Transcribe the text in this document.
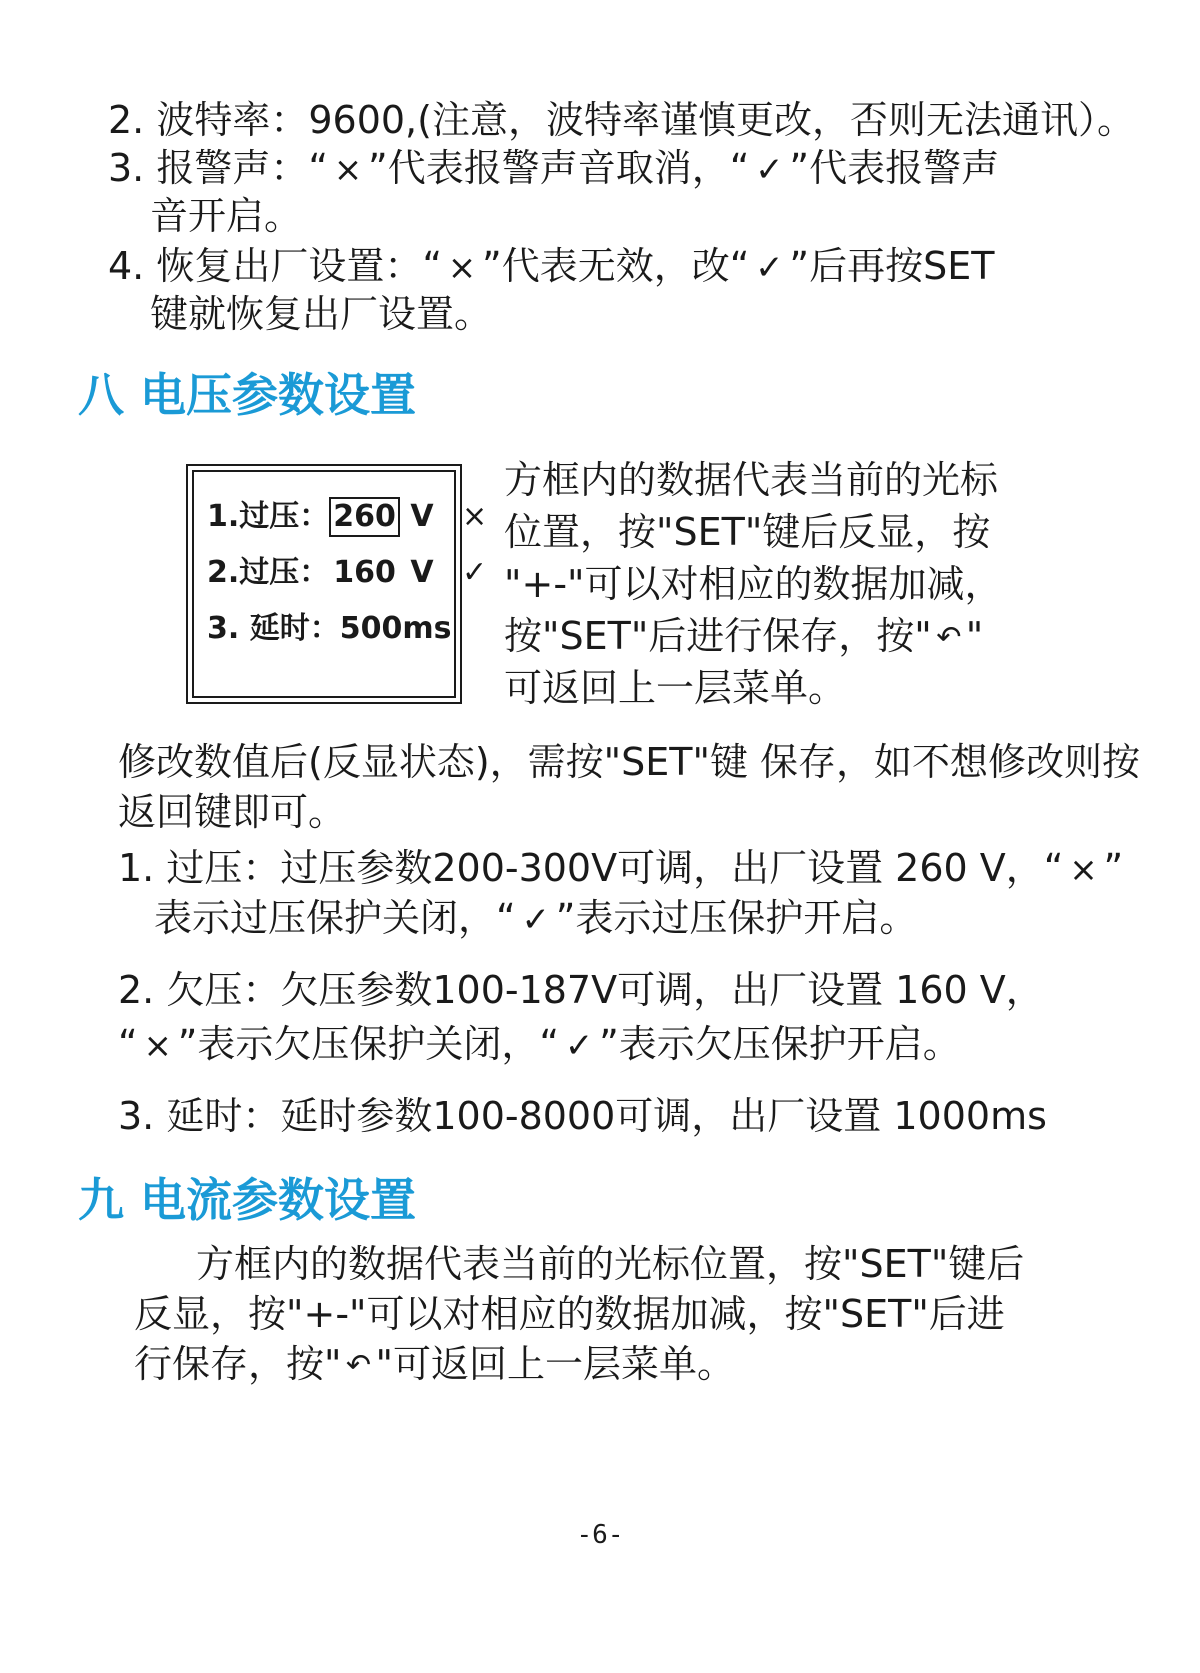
2. 波特率：9600,(注意，波特率谨慎更改，否则无法通讯）。
3. 报警声：“ × ”代表报警声音取消，“ ✓ ”代表报警声
音开启。
4. 恢复出厂设置：“ × ”代表无效，改“ ✓ ”后再按SET
键就恢复出厂设置。
八 电压参数设置
1.过压： 260 V ×
2.过压： 160 V ✓
3. 延时：500ms
方框内的数据代表当前的光标
位置，按"SET"键后反显，按
"+-"可以对相应的数据加减，
按"SET"后进行保存，按" ↶ "
可返回上一层菜单。
修改数值后(反显状态)，需按"SET"键 保存，如不想修改则按
返回键即可。
1. 过压：过压参数200-300V可调，出厂设置 260 V，“ × ”
表示过压保护关闭，“ ✓ ”表示过压保护开启。
2. 欠压：欠压参数100-187V可调，出厂设置 160 V，
“ × ”表示欠压保护关闭，“ ✓ ”表示欠压保护开启。
3. 延时：延时参数100-8000可调，出厂设置 1000ms
九 电流参数设置
方框内的数据代表当前的光标位置，按"SET"键后
反显，按"+-"可以对相应的数据加减，按"SET"后进
行保存，按" ↶ "可返回上一层菜单。
-6-
